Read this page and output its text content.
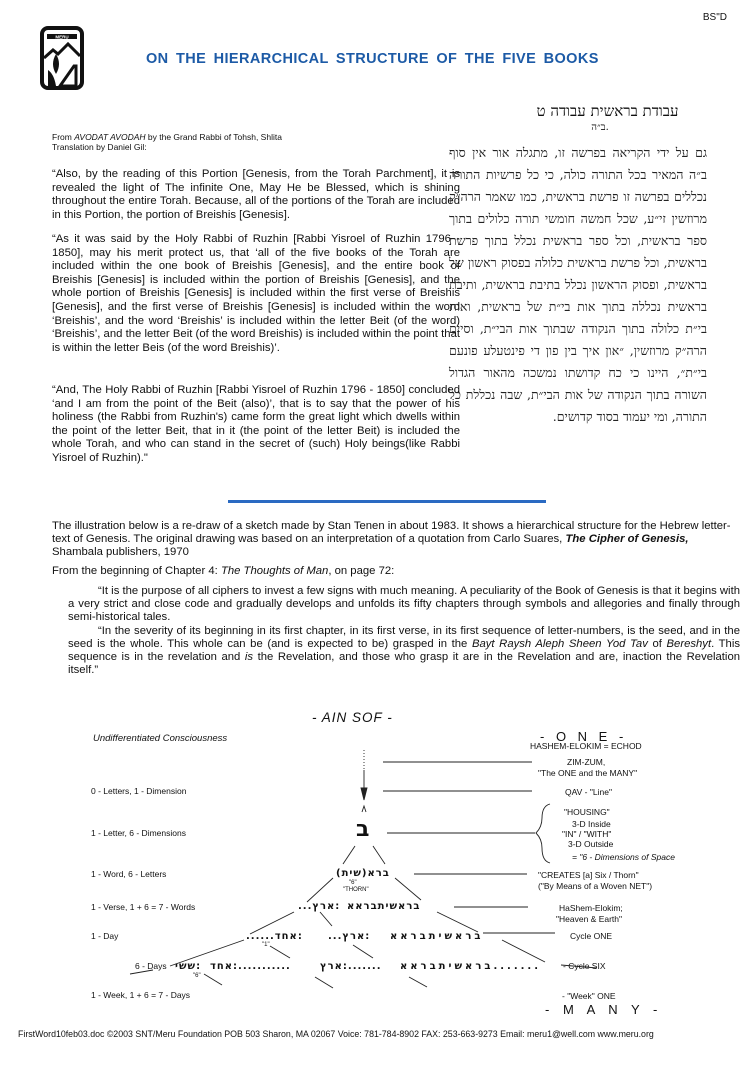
BS"D
MERU
ON THE HIERARCHICAL STRUCTURE OF THE FIVE BOOKS
From AVODAT AVODAH by the Grand Rabbi of Tohsh, Shlita
Translation by Daniel Gil:
“Also, by the reading of this Portion [Genesis, from the Torah Parchment], it is revealed the light of The infinite One, May He be Blessed, which is shining throughout the entire Torah. Because, all of the portions of the Torah are included in this Portion, the portion of Breishis [Genesis].
“As it was said by the Holy Rabbi of Ruzhin [Rabbi Yisroel of Ruzhin 1796 - 1850], may his merit protect us, that ‘all of the five books of the Torah are included within the one book of Breishis [Genesis], and the entire book of Breishis [Genesis] is included within the portion of Breishis [Genesis], and the whole portion of Breishis [Genesis] is included within the first verse of Breishis [Genesis], and the first verse of Breishis [Genesis] is included within the word ‘Breishis’, and the word ‘Breishis’ is included within the letter Beit (of the word) ‘Breishis’, and the letter Beit (of the word Breishis) is included within the point that is within the letter Beis (of the word Breishis)’.
“And, The Holy Rabbi of Ruzhin [Rabbi Yisroel of Ruzhin 1796 - 1850] concluded ‘and I am from the point of the Beit (also)’, that is to say that the power of his holiness (the Rabbi from Ruzhin's) came form the great light which dwells within the point of the letter Beit, that in it (the point of the letter Beit) is included the whole Torah, and who can stand in the secret of (such) Holy beings(like Rabbi Yisroel of Ruzhin)."
עבודת בראשית עבודה ט
ב״ה.
גם על ידי הקריאה בפרשה זו, מתגלה אור אין סוף ב״ה המאיר בכל התורה כולה, כי כל פרשיות התורה נכללים בפרשה זו פרשת בראשית, כמו שאמר הרה״ק מרוזשין זי״ע, שכל חמשה חומשי תורה כלולים בתוך ספר בראשית, וכל ספר בראשית נכלל בתוך פרשת בראשית, וכל פרשת בראשית כלולה בפסוק ראשון של בראשית, ופסוק הראשון נכלל בתיבת בראשית, ותיבת בראשית נכללה בתוך אות בי״ת של בראשית, ואות בי״ת כלולה בתוך הנקודה שבתוך אות הבי״ת, וסיים הרה״ק מרוזשין, ״און איך בין פון די פינטעלע פונעם בי״ת״, היינו כי כח קדושתו נמשכה מהאור הגדול השורה בתוך הנקודה של אות הבי״ת, שבה נכללת כל התורה, ומי יעמוד בסוד קדושים.
The illustration below is a re-draw of a sketch made by Stan Tenen in about 1983. It shows a hierarchical structure for the Hebrew letter-text of Genesis. The original drawing was based on an interpretation of a quotation from Carlo Suares, The Cipher of Genesis, Shambala publishers, 1970
From the beginning of Chapter 4: The Thoughts of Man, on page 72:
“It is the purpose of all ciphers to invest a few signs with much meaning. A peculiarity of the Book of Genesis is that it begins with a very strict and close code and gradually develops and unfolds its fifty chapters through symbols and allegories and finally through semi-historical tales.
“In the severity of its beginning in its first chapter, in its first verse, in its first sequence of letter-numbers, is the seed, and in the seed is the whole. This whole can be (and is expected to be) grasped in the Bayt Raysh Aleph Sheen Yod Tav of Bereshyt. This sequence is in the revelation and is the Revelation, and those who grasp it are in the Revelation and are, inaction the Revelation itself.”
- AIN SOF -
Undifferentiated Consciousness
0 - Letters, 1 - Dimension
1 - Letter, 6 - Dimensions
1 - Word, 6 - Letters
1 - Verse, 1 + 6 = 7 - Words
1 - Day
6 - Days
1 - Week, 1 + 6 = 7 - Days
- O N E -
HASHEM-ELOKIM = ECHOD
ZIM-ZUM,
"The ONE and the MANY"
QAV - "Line"
"HOUSING"
3-D Inside
"IN" / "WITH"
3-D Outside
= "6 - Dimensions of Space
"CREATES [a] Six / Thorn"
("By Means of a Woven NET")
HaShem-Elokim;
"Heaven & Earth"
Cycle ONE
- Cycle SIX
- "Week" ONE
- M A N Y -
ב
ברא(שית)
"6"
"THORN"
:ארץ... בראשיתבראא
:אחד......
"1"
:ארץ... בראשיתבראא
:ששי
"6"
...........:אחד	.......:ארץ .......בראשיתבראא
FirstWord10feb03.doc ©2003 SNT/Meru Foundation POB 503 Sharon, MA 02067 Voice: 781-784-8902 FAX: 253-663-9273 Email: meru1@well.com www.meru.org
